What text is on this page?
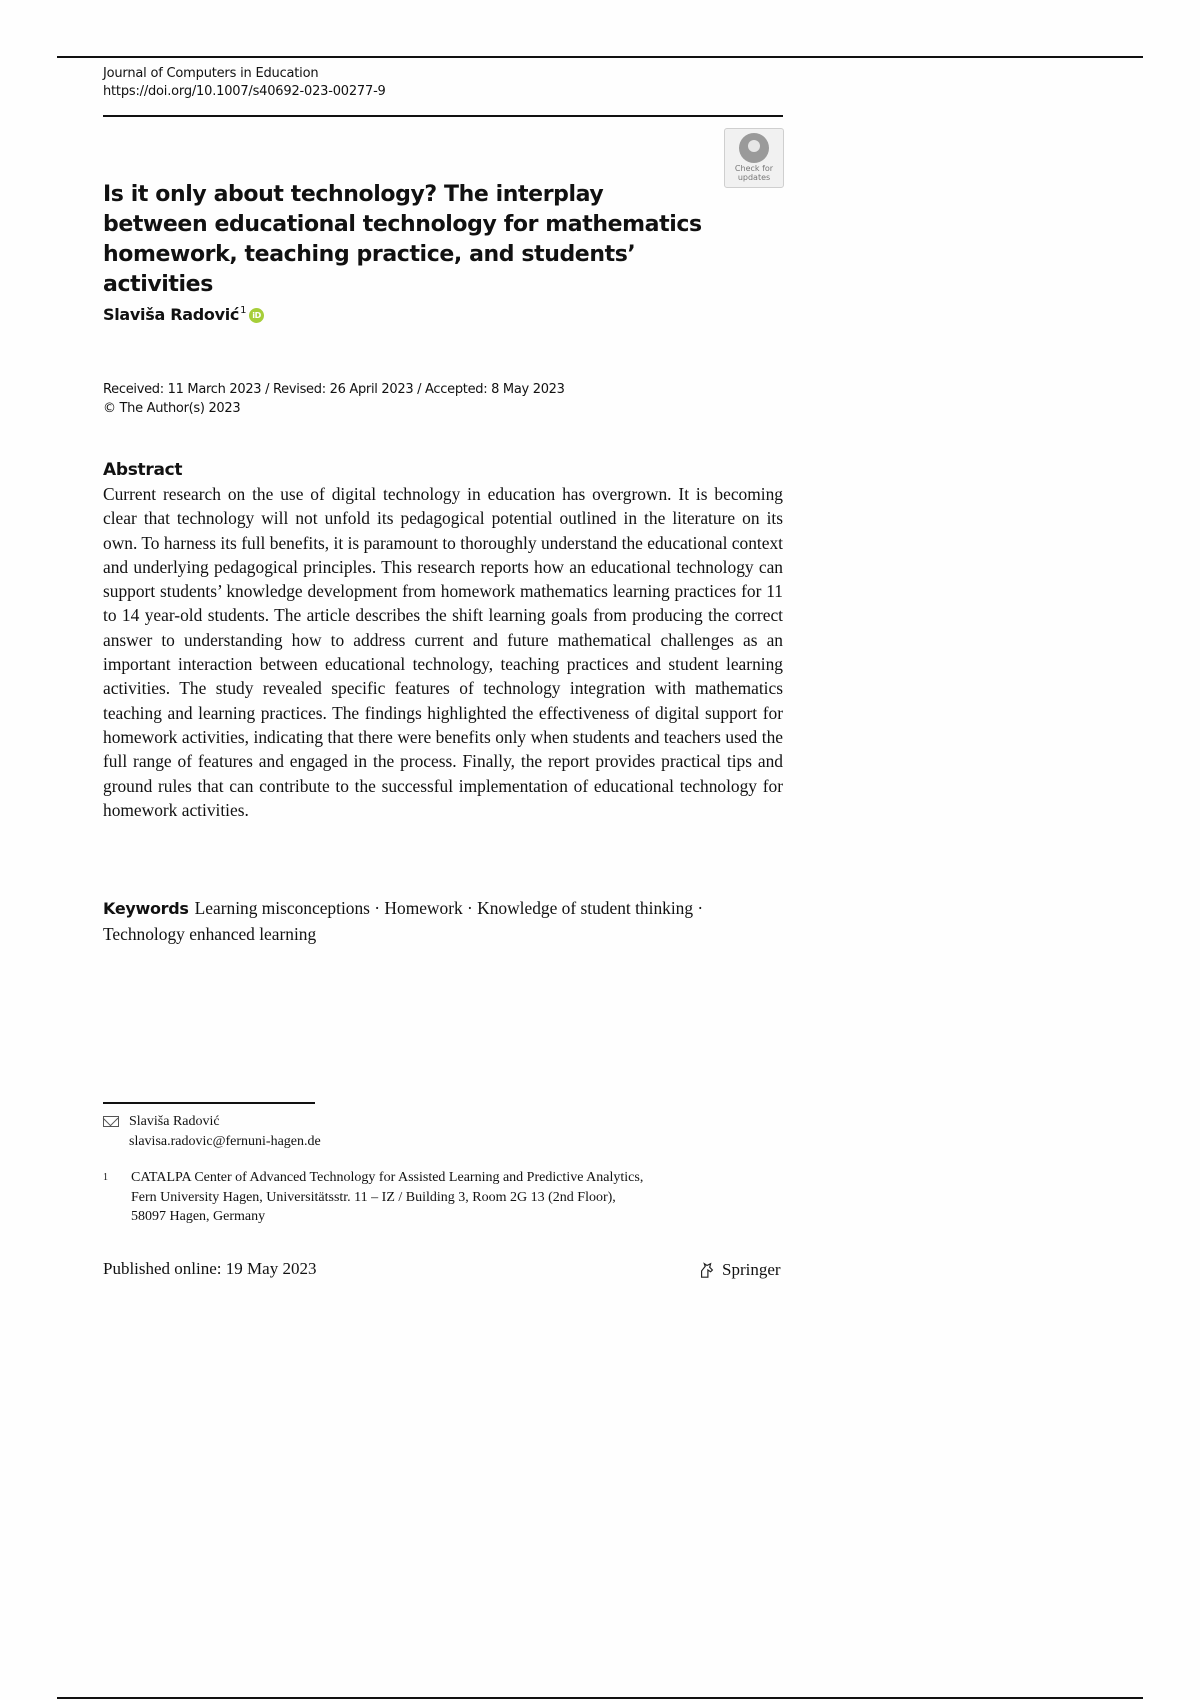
Journal of Computers in Education
https://doi.org/10.1007/s40692-023-00277-9
Check for
updates

Is it only about technology? The interplay
between educational technology for mathematics
homework, teaching practice, and students’ activities

Slaviša Radović$^1$ iD
Received: 11 March 2023 / Revised: 26 April 2023 / Accepted: 8 May 2023
© The Author(s) 2023
Abstract

Current research on the use of digital technology in education has overgrown. It is becoming clear that technology will not unfold its pedagogical potential outlined in the literature on its own. To harness its full benefits, it is paramount to thoroughly understand the educational context and underlying pedagogical principles. This research reports how an educational technology can support students’ knowledge development from homework mathematics learning practices for 11 to 14 year-old students. The article describes the shift learning goals from producing the correct answer to understanding how to address current and future mathematical challenges as an important interaction between educational technology, teaching practices and student learning activities. The study revealed specific features of technology integration with mathematics teaching and learning practices. The findings highlighted the effectiveness of digital support for homework activities, indicating that there were benefits only when students and teachers used the full range of features and engaged in the process. Finally, the report provides practical tips and ground rules that can contribute to the successful implementation of educational technology for homework activities.

Keywords Learning misconceptions · Homework · Knowledge of student thinking ·
Technology enhanced learning
Slaviša Radović
slavisa.radovic@fernuni-hagen.de
1	CATALPA Center of Advanced Technology for Assisted Learning and Predictive Analytics,
Fern University Hagen, Universitätsstr. 11 – IZ / Building 3, Room 2G 13 (2nd Floor),
58097 Hagen, Germany
Published online: 19 May 2023	Springer
